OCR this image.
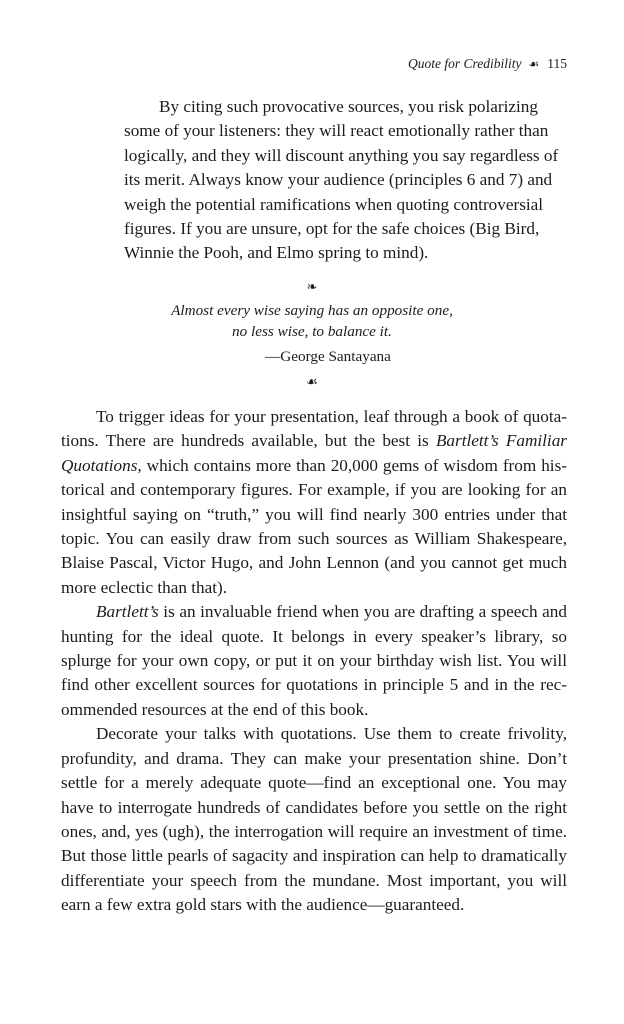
Quote for Credibility ☙ 115

By citing such provocative sources, you risk polarizing
some of your listeners: they will react emotionally rather than
logically, and they will discount anything you say regardless of
its merit. Always know your audience (principles 6 and 7) and
weigh the potential ramifications when quoting controversial
figures. If you are unsure, opt for the safe choices (Big Bird,
Winnie the Pooh, and Elmo spring to mind).

❧
Almost every wise saying has an opposite one,
no less wise, to balance it.
—George Santayana
☙

To trigger ideas for your presentation, leaf through a book of quota-
tions. There are hundreds available, but the best is Bartlett’s Familiar
Quotations, which contains more than 20,000 gems of wisdom from his-
torical and contemporary figures. For example, if you are looking for an
insightful saying on “truth,” you will find nearly 300 entries under that
topic. You can easily draw from such sources as William Shakespeare,
Blaise Pascal, Victor Hugo, and John Lennon (and you cannot get much
more eclectic than that).

Bartlett’s is an invaluable friend when you are drafting a speech and
hunting for the ideal quote. It belongs in every speaker’s library, so
splurge for your own copy, or put it on your birthday wish list. You will
find other excellent sources for quotations in principle 5 and in the rec-
ommended resources at the end of this book.

Decorate your talks with quotations. Use them to create frivolity,
profundity, and drama. They can make your presentation shine. Don’t
settle for a merely adequate quote—find an exceptional one. You may
have to interrogate hundreds of candidates before you settle on the right
ones, and, yes (ugh), the interrogation will require an investment of time.
But those little pearls of sagacity and inspiration can help to dramatically
differentiate your speech from the mundane. Most important, you will
earn a few extra gold stars with the audience—guaranteed.
